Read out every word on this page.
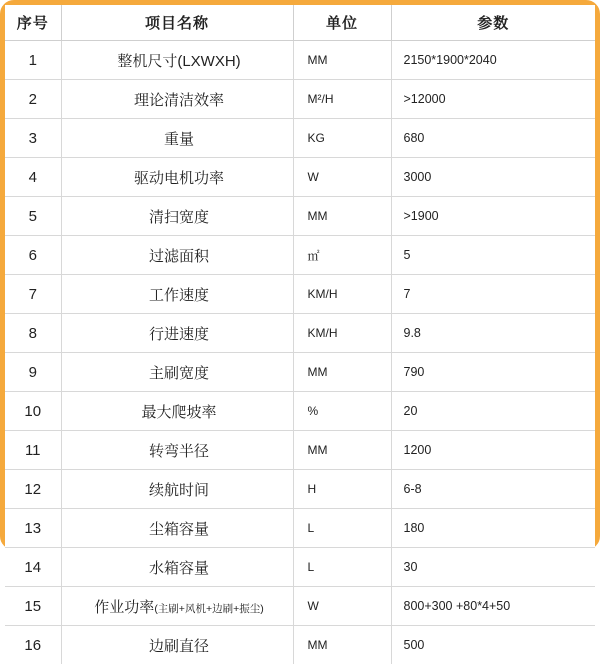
序号	项目名称	单位	参数
1	整机尺寸(LXWXH)	MM	2150*1900*2040
2	理论清洁效率	M²/H	>12000
3	重量	KG	680
4	驱动电机功率	W	3000
5	清扫宽度	MM	>1900
6	过滤面积	㎡	5
7	工作速度	KM/H	7
8	行进速度	KM/H	9.8
9	主刷宽度	MM	790
10	最大爬坡率	%	20
11	转弯半径	MM	1200
12	续航时间	H	6-8
13	尘箱容量	L	180
14	水箱容量	L	30
15	作业功率(主刷+风机+边刷+振尘)	W	800+300 +80*4+50
16	边刷直径	MM	500
